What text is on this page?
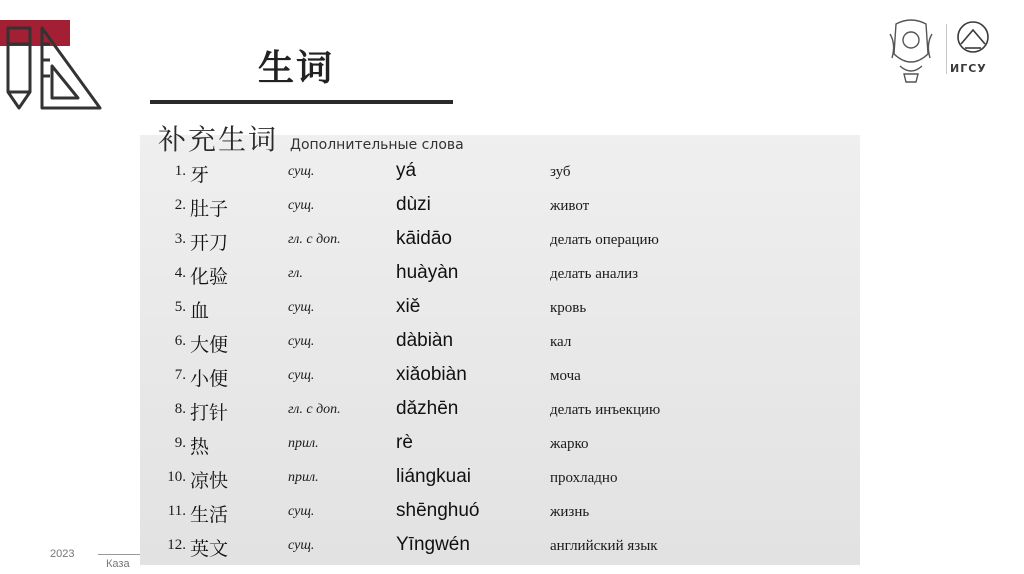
生词	ИГСУ
补充生词 Дополнительные слова
1. 牙	сущ.	yá	зуб
2. 肚子	сущ.	dùzi	живот
3. 开刀	гл. с доп.	kāidāo	делать операцию
4. 化验	гл.	huàyàn	делать анализ
5. 血	сущ.	xiě	кровь
6. 大便	сущ.	dàbiàn	кал
7. 小便	сущ.	xiǎobiàn	моча
8. 打针	гл. с доп.	dǎzhēn	делать инъекцию
9. 热	прил.	rè	жарко
10. 凉快	прил.	liángkuai	прохладно
11. 生活	сущ.	shēnghuó	жизнь
12. 英文	сущ.	Yīngwén	английский язык
2023
Каза
